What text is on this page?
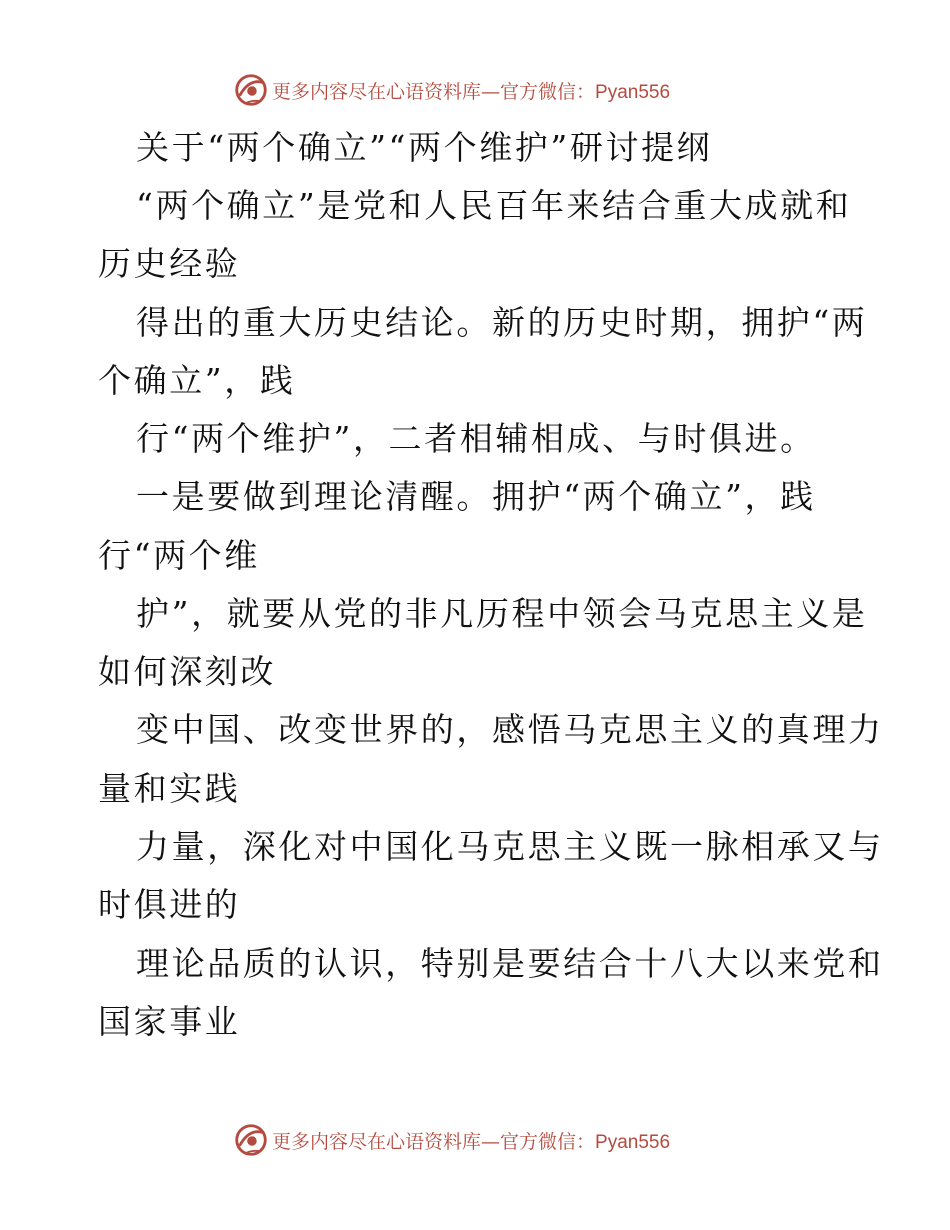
更多内容尽在心语资料库—官方微信：Pyan556
关于“两个确立”“两个维护”研讨提纲
“两个确立”是党和人民百年来结合重大成就和
历史经验
得出的重大历史结论。新的历史时期，拥护“两
个确立”，践
行“两个维护”，二者相辅相成、与时俱进。
一是要做到理论清醒。拥护“两个确立”，践
行“两个维
护”，就要从党的非凡历程中领会马克思主义是
如何深刻改
变中国、改变世界的，感悟马克思主义的真理力
量和实践
力量，深化对中国化马克思主义既一脉相承又与
时俱进的
理论品质的认识，特别是要结合十八大以来党和
国家事业
更多内容尽在心语资料库—官方微信：Pyan556
